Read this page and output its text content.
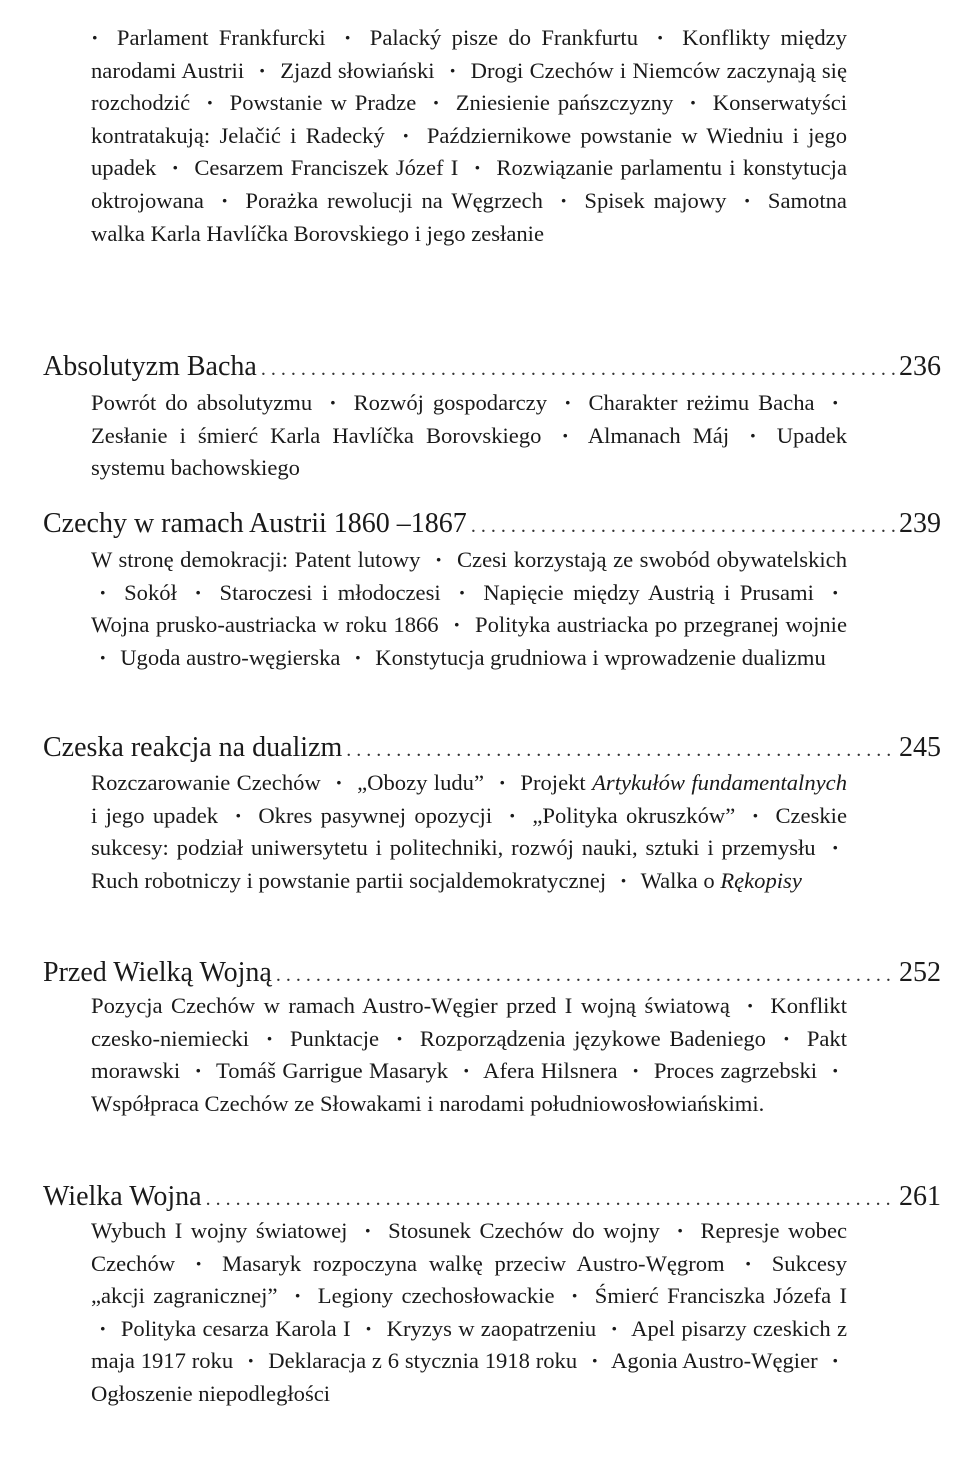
· Parlament Frankfurcki · Palacký pisze do Frankfurtu · Konflikty między narodami Austrii · Zjazd słowiański · Drogi Czechów i Niemców zaczynają się rozchodzić · Powstanie w Pradze · Zniesienie pańszczyzny · Konserwatyści kontratakują: Jelačić i Radecký · Październikowe powstanie w Wiedniu i jego upadek · Cesarzem Franciszek Józef I · Rozwiązanie parlamentu i konstytucja oktrojowana · Porażka rewolucji na Węgrzech · Spisek majowy · Samotna walka Karla Havlíčka Borovskiego i jego zesłanie
Absolutyzm Bacha . . .	236
Powrót do absolutyzmu · Rozwój gospodarczy · Charakter reżimu Bacha · Zesłanie i śmierć Karla Havlíčka Borovskiego · Almanach Máj · Upadek systemu bachowskiego
Czechy w ramach Austrii 1860 –1867 . . .	239
W stronę demokracji: Patent lutowy · Czesi korzystają ze swobód obywatelskich · Sokół · Staroczesi i młodoczesi · Napięcie między Austrią i Prusami · Wojna prusko-austriacka w roku 1866 · Polityka austriacka po przegranej wojnie · Ugoda austro-węgierska · Konstytucja grudniowa i wprowadzenie dualizmu
Czeska reakcja na dualizm . . .	245
Rozczarowanie Czechów · „Obozy ludu” · Projekt Artykułów fundamentalnych i jego upadek · Okres pasywnej opozycji · „Polityka okruszków” · Czeskie sukcesy: podział uniwersytetu i politechniki, rozwój nauki, sztuki i przemysłu · Ruch robotniczy i powstanie partii socjaldemokratycznej · Walka o Rękopisy
Przed Wielką Wojną . . .	252
Pozycja Czechów w ramach Austro-Węgier przed I wojną światową · Konflikt czesko-niemiecki · Punktacje · Rozporządzenia językowe Badeniego · Pakt morawski · Tomáš Garrigue Masaryk · Afera Hilsnera · Proces zagrzebski · Współpraca Czechów ze Słowakami i narodami południowosłowiańskimi.
Wielka Wojna . . .	261
Wybuch I wojny światowej · Stosunek Czechów do wojny · Represje wobec Czechów · Masaryk rozpoczyna walkę przeciw Austro-Węgrom · Sukcesy „akcji zagranicznej” · Legiony czechosłowackie · Śmierć Franciszka Józefa I · Polityka cesarza Karola I · Kryzys w zaopatrzeniu · Apel pisarzy czeskich z maja 1917 roku · Deklaracja z 6 stycznia 1918 roku · Agonia Austro-Węgier · Ogłoszenie niepodległości
